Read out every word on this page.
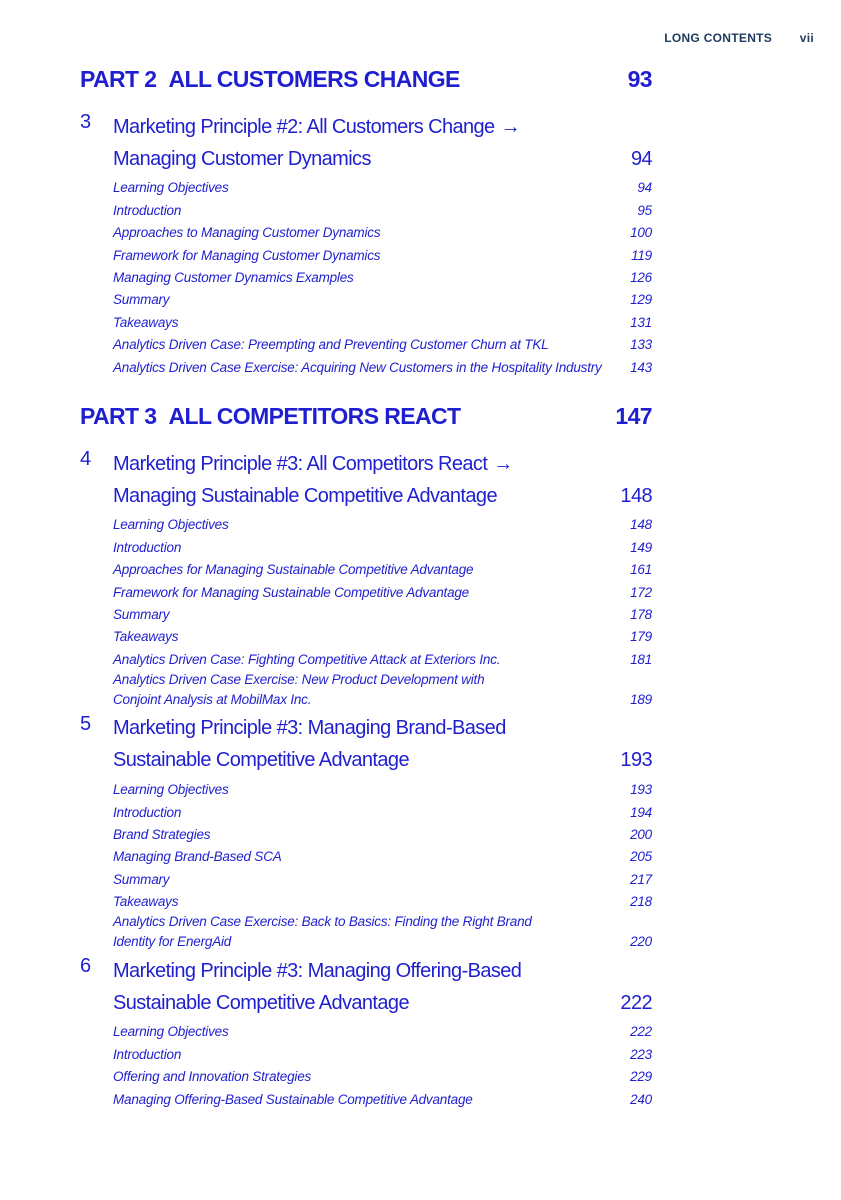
LONG CONTENTS vii
PART 2 ALL CUSTOMERS CHANGE	93
3 Marketing Principle #2: All Customers Change →
Managing Customer Dynamics	94
Learning Objectives	94
Introduction	95
Approaches to Managing Customer Dynamics	100
Framework for Managing Customer Dynamics	119
Managing Customer Dynamics Examples	126
Summary	129
Takeaways	131
Analytics Driven Case: Preempting and Preventing Customer Churn at TKL	133
Analytics Driven Case Exercise: Acquiring New Customers in the Hospitality Industry 143
PART 3 ALL COMPETITORS REACT	147
4 Marketing Principle #3: All Competitors React →
Managing Sustainable Competitive Advantage	148
Learning Objectives	148
Introduction	149
Approaches for Managing Sustainable Competitive Advantage	161
Framework for Managing Sustainable Competitive Advantage	172
Summary	178
Takeaways	179
Analytics Driven Case: Fighting Competitive Attack at Exteriors Inc.	181
Analytics Driven Case Exercise: New Product Development with
Conjoint Analysis at MobilMax Inc.	189
5 Marketing Principle #3: Managing Brand-Based
Sustainable Competitive Advantage	193
Learning Objectives	193
Introduction	194
Brand Strategies	200
Managing Brand-Based SCA	205
Summary	217
Takeaways	218
Analytics Driven Case Exercise: Back to Basics: Finding the Right Brand
Identity for EnergAid	220
6 Marketing Principle #3: Managing Offering-Based
Sustainable Competitive Advantage	222
Learning Objectives	222
Introduction	223
Offering and Innovation Strategies	229
Managing Offering-Based Sustainable Competitive Advantage	240
